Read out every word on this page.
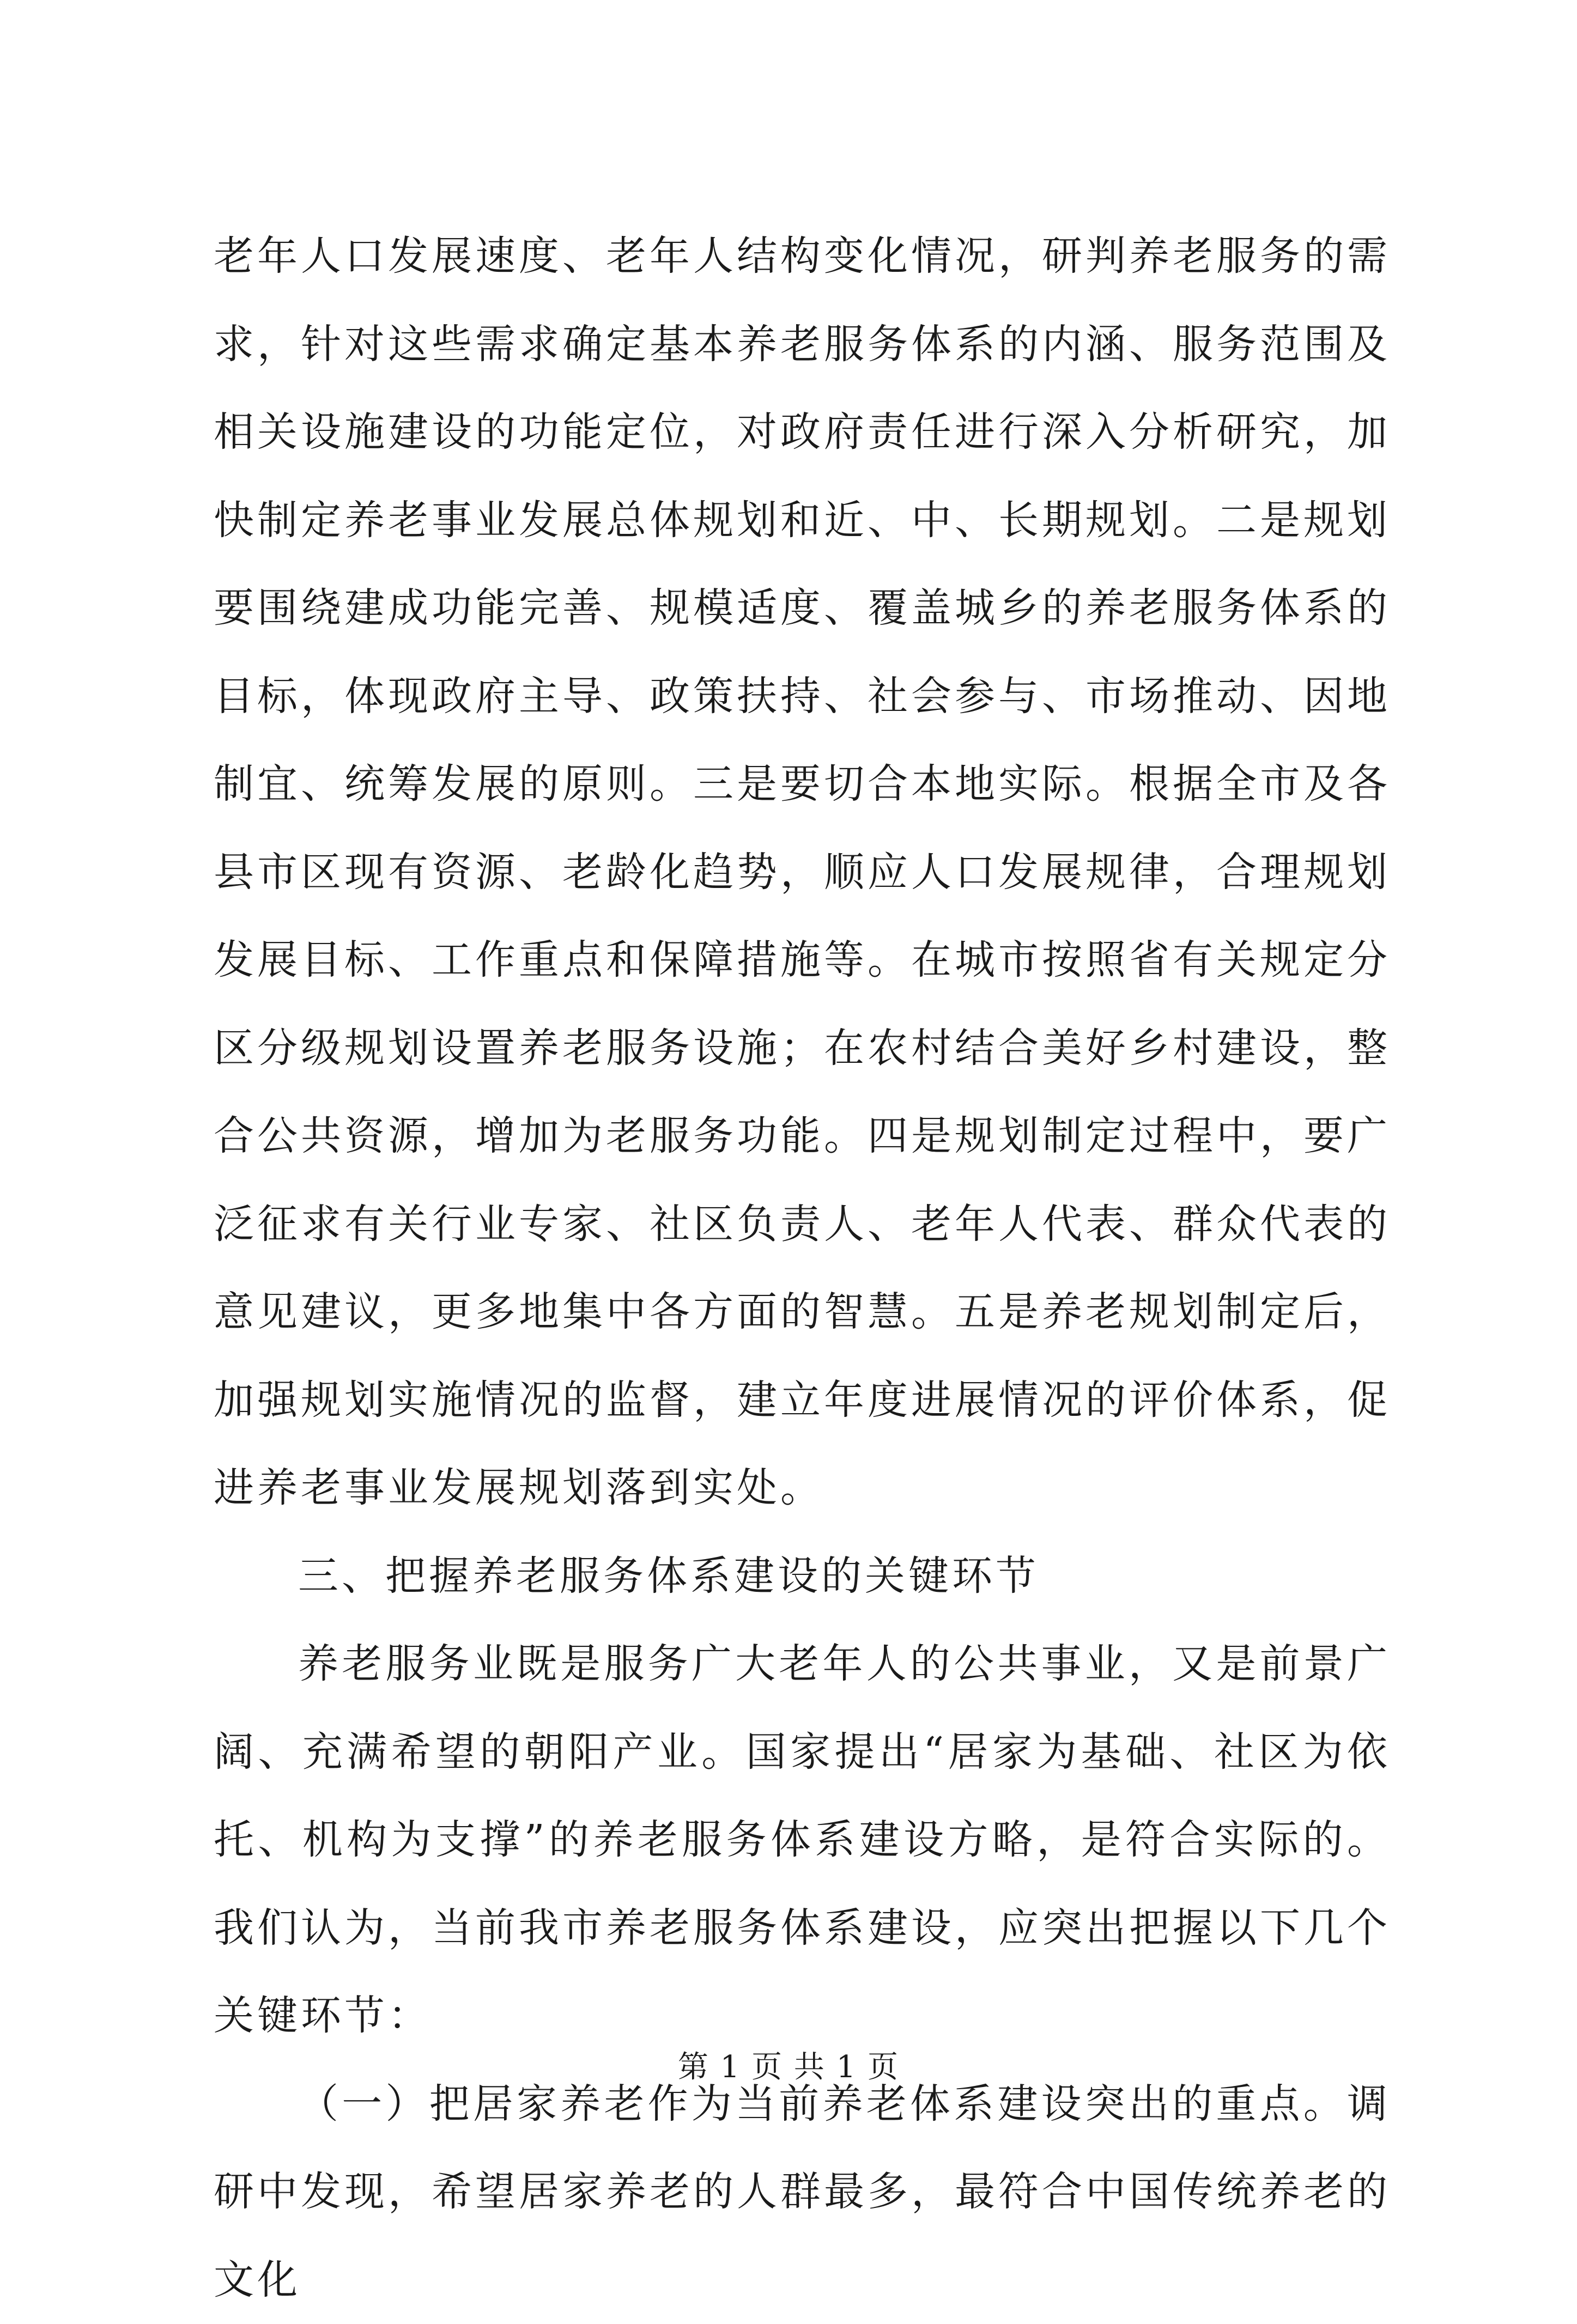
老年人口发展速度、老年人结构变化情况，研判养老服务的需求，针对这些需求确定基本养老服务体系的内涵、服务范围及相关设施建设的功能定位，对政府责任进行深入分析研究，加快制定养老事业发展总体规划和近、中、长期规划。二是规划要围绕建成功能完善、规模适度、覆盖城乡的养老服务体系的目标，体现政府主导、政策扶持、社会参与、市场推动、因地制宜、统筹发展的原则。三是要切合本地实际。根据全市及各县市区现有资源、老龄化趋势，顺应人口发展规律，合理规划发展目标、工作重点和保障措施等。在城市按照省有关规定分区分级规划设置养老服务设施；在农村结合美好乡村建设，整合公共资源，增加为老服务功能。四是规划制定过程中，要广泛征求有关行业专家、社区负责人、老年人代表、群众代表的意见建议，更多地集中各方面的智慧。五是养老规划制定后，加强规划实施情况的监督，建立年度进展情况的评价体系，促进养老事业发展规划落到实处。

三、把握养老服务体系建设的关键环节

养老服务业既是服务广大老年人的公共事业，又是前景广阔、充满希望的朝阳产业。国家提出“居家为基础、社区为依托、机构为支撑”的养老服务体系建设方略，是符合实际的。我们认为，当前我市养老服务体系建设，应突出把握以下几个关键环节：

（一）把居家养老作为当前养老体系建设突出的重点。调研中发现，希望居家养老的人群最多，最符合中国传统养老的文化

第 1 页 共 1 页
